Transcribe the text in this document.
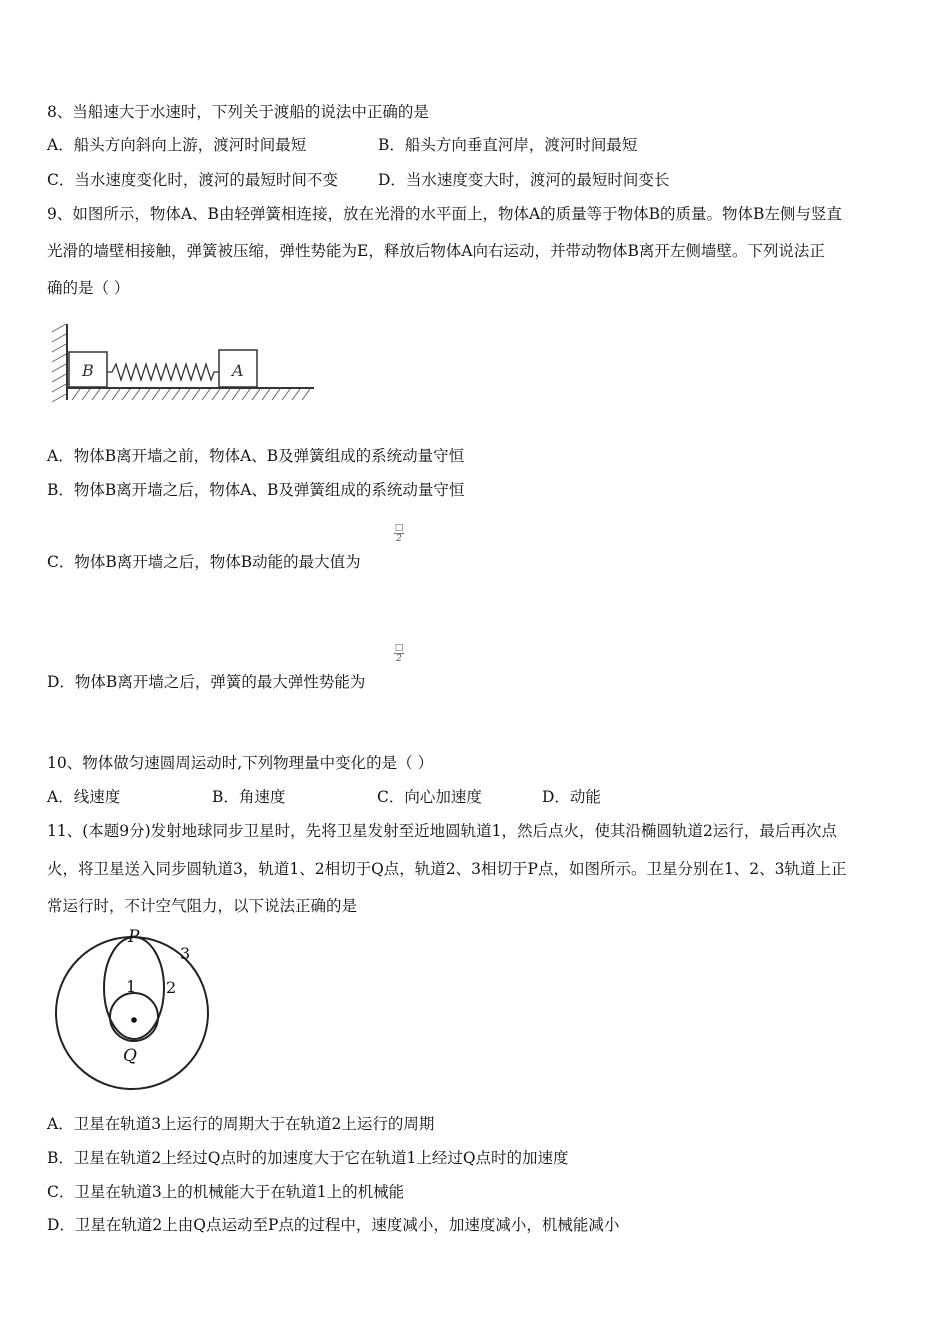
8、当船速大于水速时，下列关于渡船的说法中正确的是
A．船头方向斜向上游，渡河时间最短	B．船头方向垂直河岸，渡河时间最短
C．当水速度变化时，渡河的最短时间不变	D．当水速度变大时，渡河的最短时间变长
9、如图所示，物体A、B由轻弹簧相连接，放在光滑的水平面上，物体A的质量等于物体B的质量。物体B左侧与竖直
光滑的墙壁相接触，弹簧被压缩，弹性势能为E，释放后物体A向右运动，并带动物体B离开左侧墙壁。下列说法正
确的是（ ）
B	A
A．物体B离开墙之前，物体A、B及弹簧组成的系统动量守恒
B．物体B离开墙之后，物体A、B及弹簧组成的系统动量守恒
C．物体B离开墙之后，物体B动能的最大值为
□
2
D．物体B离开墙之后，弹簧的最大弹性势能为
□
2
10、物体做匀速圆周运动时,下列物理量中变化的是（ ）
A．线速度	B．角速度	C．向心加速度	D．动能
11、(本题9分)发射地球同步卫星时，先将卫星发射至近地圆轨道1，然后点火，使其沿椭圆轨道2运行，最后再次点
火，将卫星送入同步圆轨道3，轨道1、2相切于Q点，轨道2、3相切于P点，如图所示。卫星分别在1、2、3轨道上正
常运行时，不计空气阻力，以下说法正确的是
P
Q
1 2
3
A．卫星在轨道3上运行的周期大于在轨道2上运行的周期
B．卫星在轨道2上经过Q点时的加速度大于它在轨道1上经过Q点时的加速度
C．卫星在轨道3上的机械能大于在轨道1上的机械能
D．卫星在轨道2上由Q点运动至P点的过程中，速度减小，加速度减小，机械能减小
